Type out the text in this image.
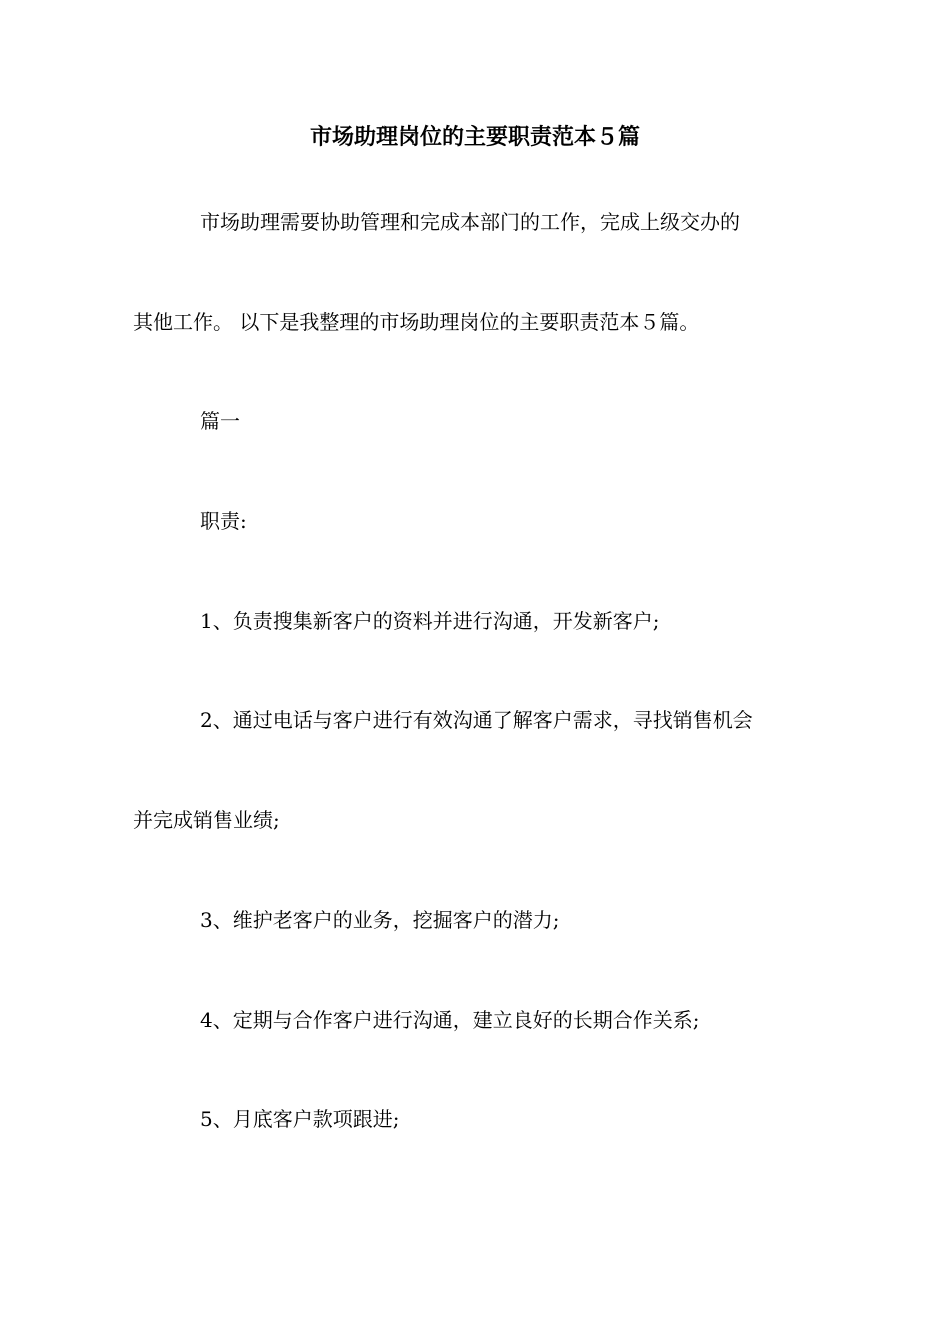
市场助理岗位的主要职责范本５篇
市场助理需要协助管理和完成本部门的工作，完成上级交办的
其他工作。 以下是我整理的市场助理岗位的主要职责范本５篇。
篇一
职责:
1、负责搜集新客户的资料并进行沟通，开发新客户;
2、通过电话与客户进行有效沟通了解客户需求，寻找销售机会
并完成销售业绩;
3、维护老客户的业务，挖掘客户的潜力;
4、定期与合作客户进行沟通，建立良好的长期合作关系;
5、月底客户款项跟进;
